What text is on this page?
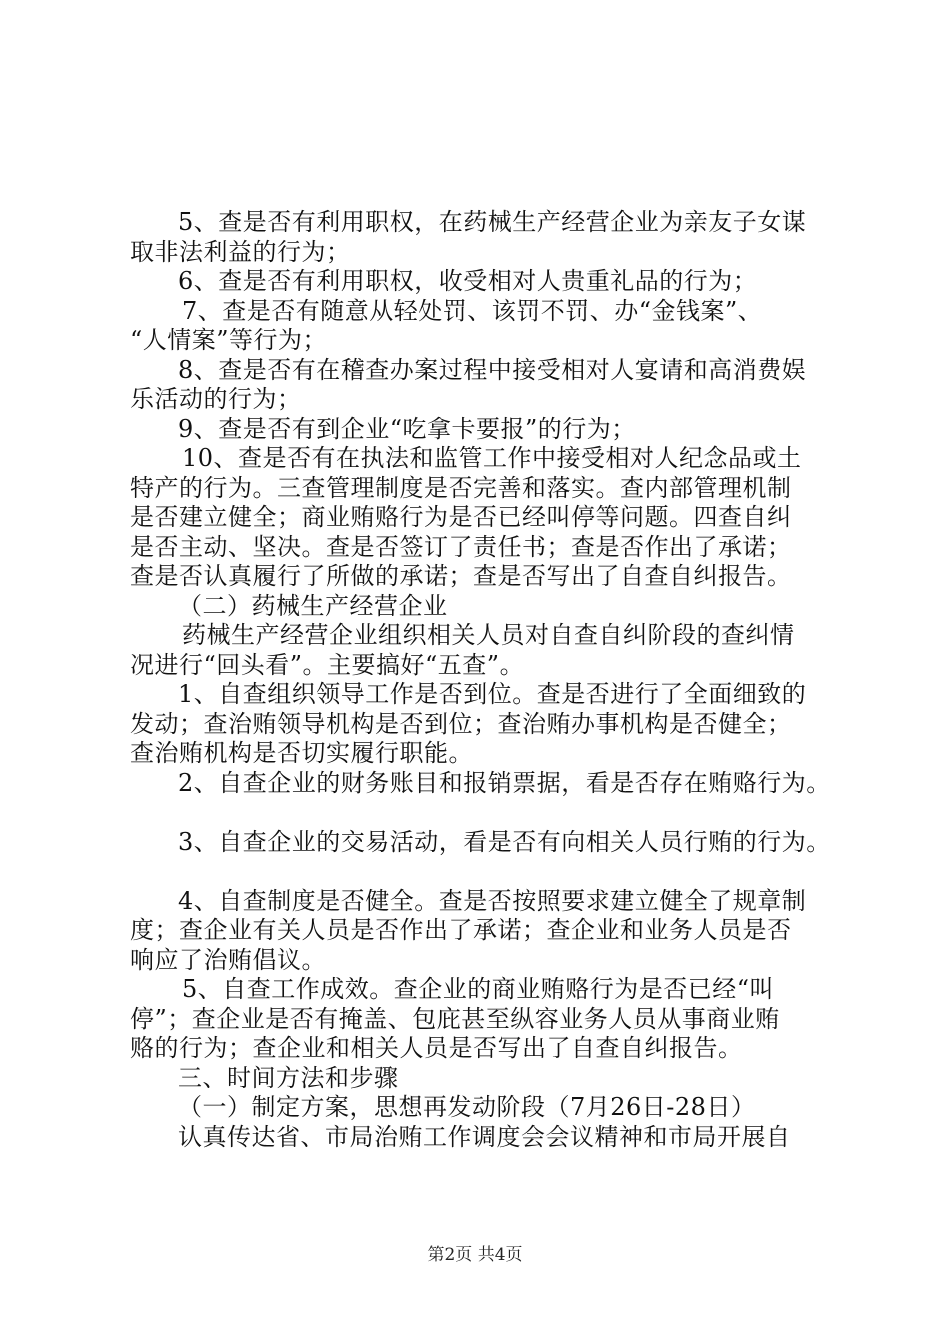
5、查是否有利用职权，在药械生产经营企业为亲友子女谋
取非法利益的行为；
6、查是否有利用职权，收受相对人贵重礼品的行为；
7、查是否有随意从轻处罚、该罚不罚、办“金钱案”、
“人情案”等行为；
8、查是否有在稽查办案过程中接受相对人宴请和高消费娱
乐活动的行为；
9、查是否有到企业“吃拿卡要报”的行为；
10、查是否有在执法和监管工作中接受相对人纪念品或土
特产的行为。三查管理制度是否完善和落实。查内部管理机制
是否建立健全；商业贿赂行为是否已经叫停等问题。四查自纠
是否主动、坚决。查是否签订了责任书；查是否作出了承诺；
查是否认真履行了所做的承诺；查是否写出了自查自纠报告。
（二）药械生产经营企业
药械生产经营企业组织相关人员对自查自纠阶段的查纠情
况进行“回头看”。主要搞好“五查”。
1、自查组织领导工作是否到位。查是否进行了全面细致的
发动；查治贿领导机构是否到位；查治贿办事机构是否健全；
查治贿机构是否切实履行职能。
2、自查企业的财务账目和报销票据，看是否存在贿赂行为。
3、自查企业的交易活动，看是否有向相关人员行贿的行为。
4、自查制度是否健全。查是否按照要求建立健全了规章制
度；查企业有关人员是否作出了承诺；查企业和业务人员是否
响应了治贿倡议。
5、自查工作成效。查企业的商业贿赂行为是否已经“叫
停”；查企业是否有掩盖、包庇甚至纵容业务人员从事商业贿
赂的行为；查企业和相关人员是否写出了自查自纠报告。
三、时间方法和步骤
（一）制定方案，思想再发动阶段（7月26日-28日）
认真传达省、市局治贿工作调度会会议精神和市局开展自
第2页 共4页
